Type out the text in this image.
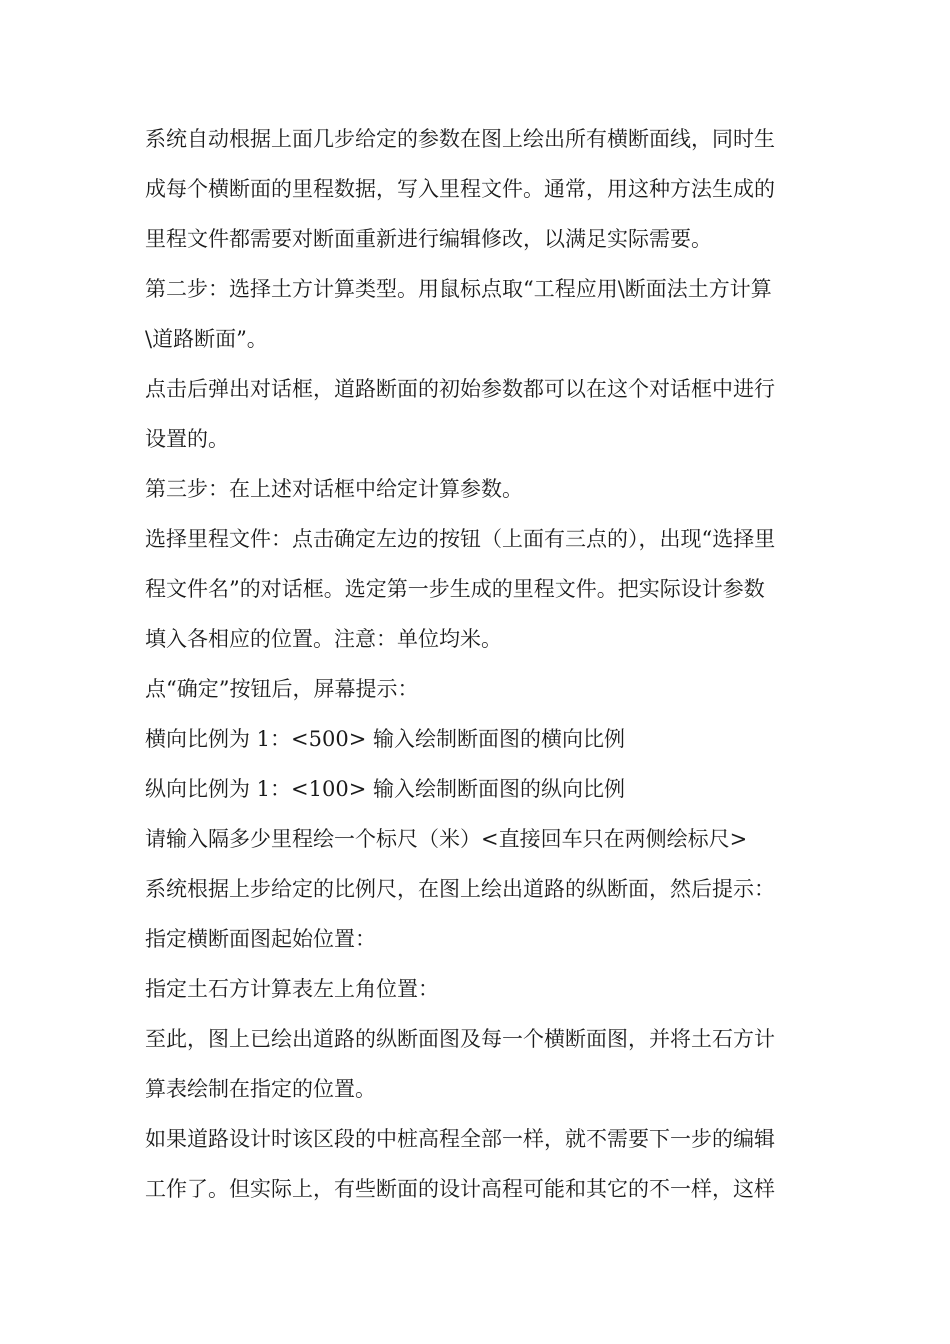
系统自动根据上面几步给定的参数在图上绘出所有横断面线，同时生
成每个横断面的里程数据，写入里程文件。通常，用这种方法生成的
里程文件都需要对断面重新进行编辑修改，以满足实际需要。
第二步：选择土方计算类型。用鼠标点取“工程应用\断面法土方计算
\道路断面”。
点击后弹出对话框，道路断面的初始参数都可以在这个对话框中进行
设置的。
第三步：在上述对话框中给定计算参数。
选择里程文件：点击确定左边的按钮（上面有三点的），出现“选择里
程文件名”的对话框。选定第一步生成的里程文件。把实际设计参数
填入各相应的位置。注意：单位均米。
点“确定”按钮后，屏幕提示：
横向比例为 1：<500> 输入绘制断面图的横向比例
纵向比例为 1：<100> 输入绘制断面图的纵向比例
请输入隔多少里程绘一个标尺（米）<直接回车只在两侧绘标尺>
系统根据上步给定的比例尺，在图上绘出道路的纵断面，然后提示：
指定横断面图起始位置：
指定土石方计算表左上角位置：
至此，图上已绘出道路的纵断面图及每一个横断面图，并将土石方计
算表绘制在指定的位置。
如果道路设计时该区段的中桩高程全部一样，就不需要下一步的编辑
工作了。但实际上，有些断面的设计高程可能和其它的不一样，这样
